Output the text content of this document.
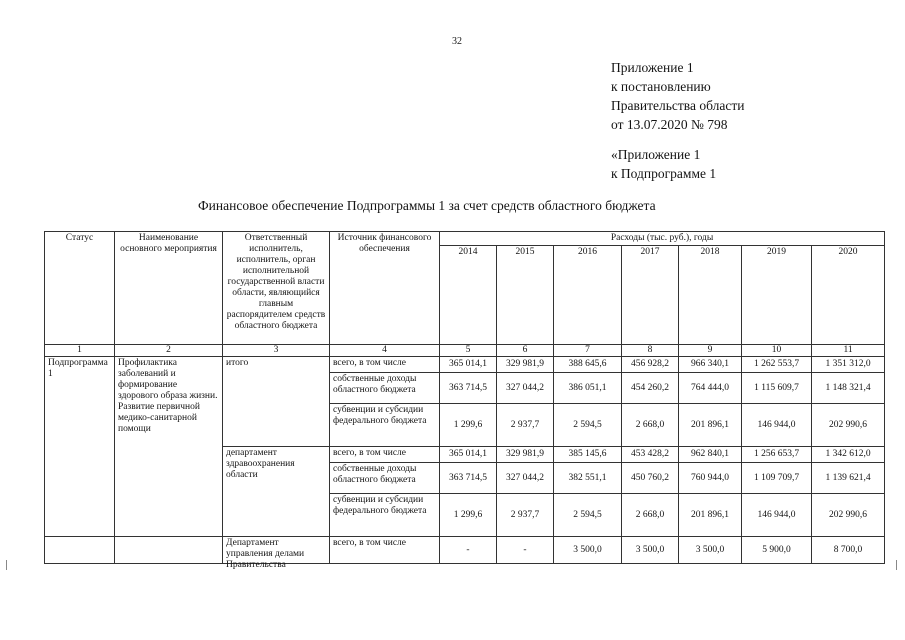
32
Приложение 1
к постановлению
Правительства области
от 13.07.2020 № 798
«Приложение 1
к Подпрограмме 1
Финансовое обеспечение Подпрограммы 1 за счет средств областного бюджета
Статус	Наименование основного мероприятия	Ответственный исполнитель, исполнитель, орган исполнительной государственной власти области, являющийся главным распорядителем средств областного бюджета	Источник финансового обеспечения	Расходы (тыс. руб.), годы						
				2014	2015	2016	2017	2018	2019	2020
1	2	3	4	5	6	7	8	9	10	11
Подпрограмма 1	Профилактика заболеваний и формирование здорового образа жизни. Развитие первичной медико-санитарной помощи	итого	всего, в том числе	365 014,1	329 981,9	388 645,6	456 928,2	966 340,1	1 262 553,7	1 351 312,0
			собственные доходы областного бюджета	363 714,5	327 044,2	386 051,1	454 260,2	764 444,0	1 115 609,7	1 148 321,4
			субвенции и субсидии федерального бюджета	1 299,6	2 937,7	2 594,5	2 668,0	201 896,1	146 944,0	202 990,6
		департамент здравоохранения области	всего, в том числе	365 014,1	329 981,9	385 145,6	453 428,2	962 840,1	1 256 653,7	1 342 612,0
			собственные доходы областного бюджета	363 714,5	327 044,2	382 551,1	450 760,2	760 944,0	1 109 709,7	1 139 621,4
			субвенции и субсидии федерального бюджета	1 299,6	2 937,7	2 594,5	2 668,0	201 896,1	146 944,0	202 990,6

		Департамент управления делами Правительства	всего, в том числе	-	-	3 500,0	3 500,0	3 500,0	5 900,0	8 700,0
